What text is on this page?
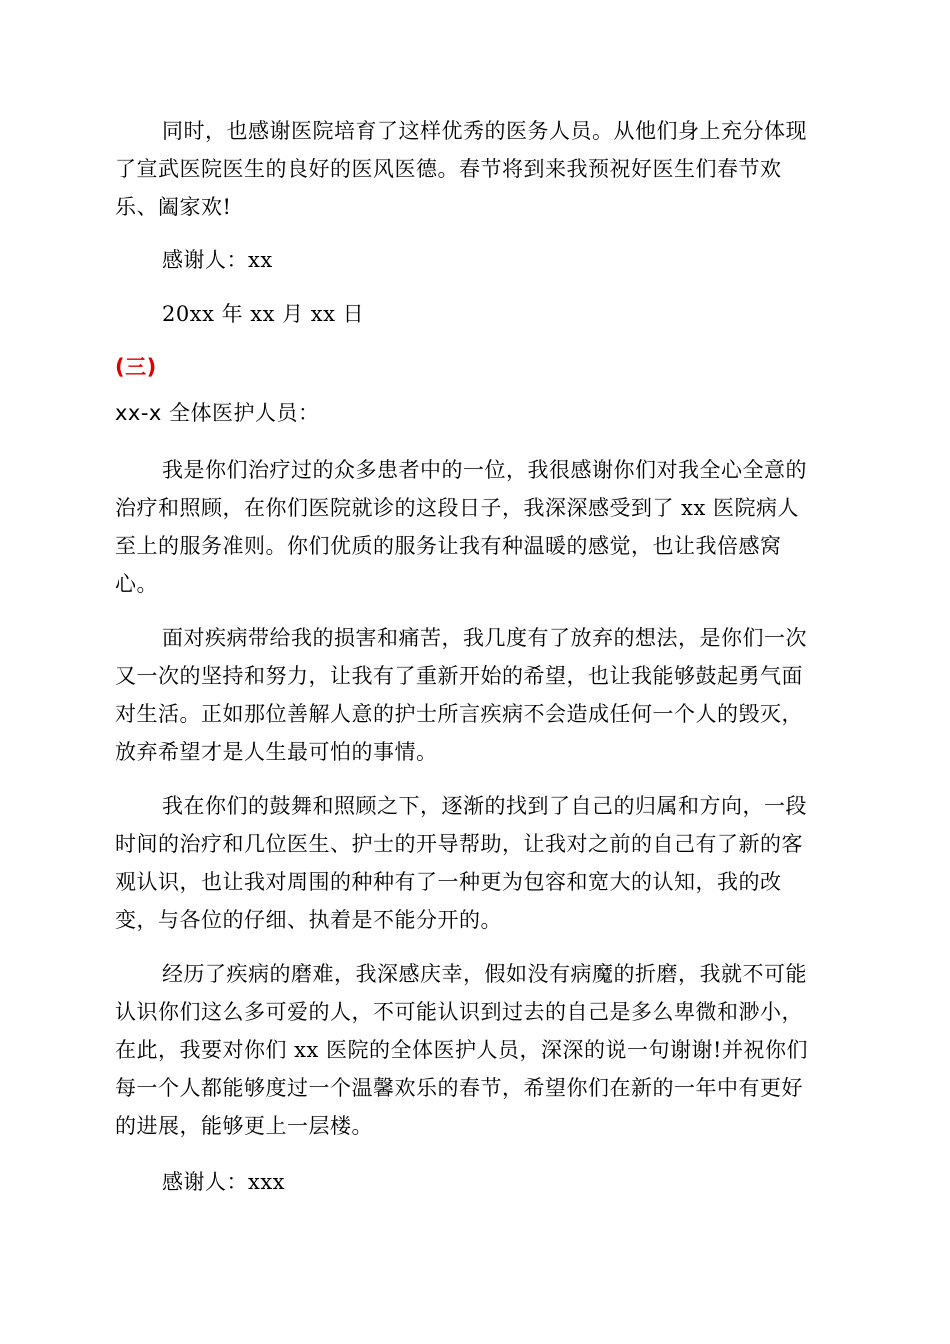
同时，也感谢医院培育了这样优秀的医务人员。从他们身上充分体现
了宣武医院医生的良好的医风医德。春节将到来我预祝好医生们春节欢
乐、阖家欢!
感谢人：xx
20xx 年 xx 月 xx 日
(三)
xx-x 全体医护人员：
我是你们治疗过的众多患者中的一位，我很感谢你们对我全心全意的
治疗和照顾，在你们医院就诊的这段日子，我深深感受到了 xx 医院病人
至上的服务准则。你们优质的服务让我有种温暖的感觉，也让我倍感窝
心。
面对疾病带给我的损害和痛苦，我几度有了放弃的想法，是你们一次
又一次的坚持和努力，让我有了重新开始的希望，也让我能够鼓起勇气面
对生活。正如那位善解人意的护士所言疾病不会造成任何一个人的毁灭，
放弃希望才是人生最可怕的事情。
我在你们的鼓舞和照顾之下，逐渐的找到了自己的归属和方向，一段
时间的治疗和几位医生、护士的开导帮助，让我对之前的自己有了新的客
观认识，也让我对周围的种种有了一种更为包容和宽大的认知，我的改
变，与各位的仔细、执着是不能分开的。
经历了疾病的磨难，我深感庆幸，假如没有病魔的折磨，我就不可能
认识你们这么多可爱的人，不可能认识到过去的自己是多么卑微和渺小，
在此，我要对你们 xx 医院的全体医护人员，深深的说一句谢谢!并祝你们
每一个人都能够度过一个温馨欢乐的春节，希望你们在新的一年中有更好
的进展，能够更上一层楼。
感谢人：xxx
